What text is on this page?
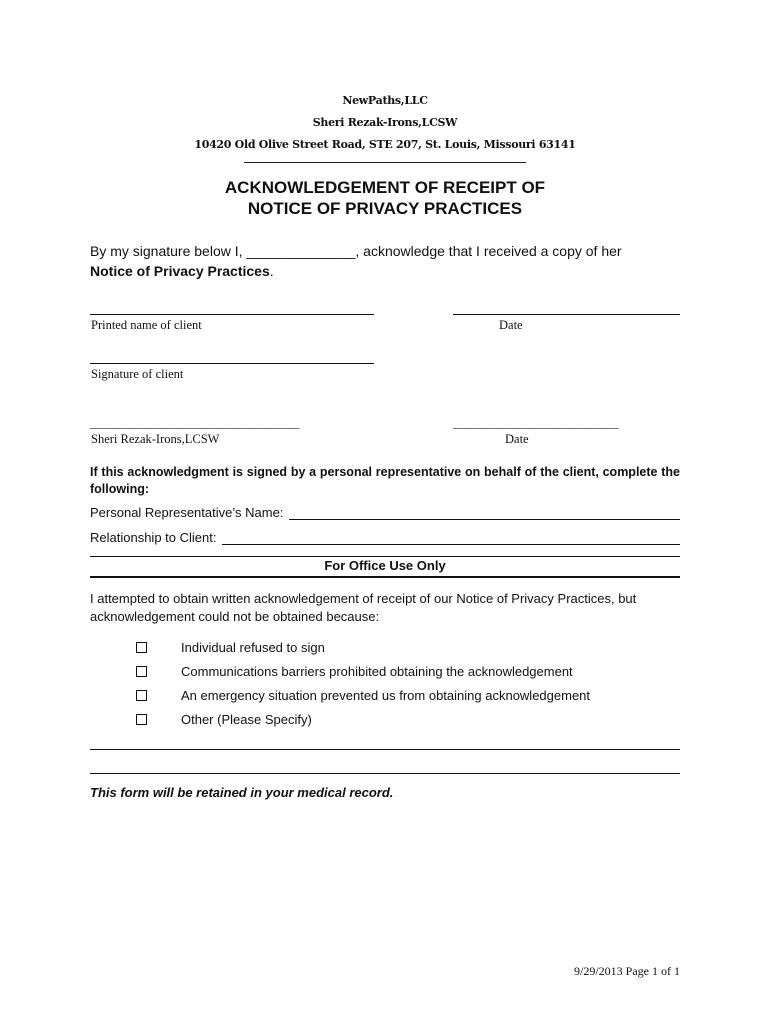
NewPaths,LLC
Sheri Rezak-Irons,LCSW
10420 Old Olive Street Road, STE 207, St. Louis, Missouri 63141
ACKNOWLEDGEMENT OF RECEIPT OF
NOTICE OF PRIVACY PRACTICES
By my signature below I, ______________, acknowledge that I received a copy of her
Notice of Privacy Practices.
Printed name of client	Date
Signature of client
______________________________________	______________________________
Sheri Rezak-Irons,LCSW	Date
If this acknowledgment is signed by a personal representative on behalf of the client, complete the following:
Personal Representative’s Name:
Relationship to Client:
For Office Use Only
I attempted to obtain written acknowledgement of receipt of our Notice of Privacy Practices, but acknowledgement could not be obtained because:
Individual refused to sign
Communications barriers prohibited obtaining the acknowledgement
An emergency situation prevented us from obtaining acknowledgement
Other (Please Specify)
This form will be retained in your medical record.
9/29/2013 Page 1 of 1
